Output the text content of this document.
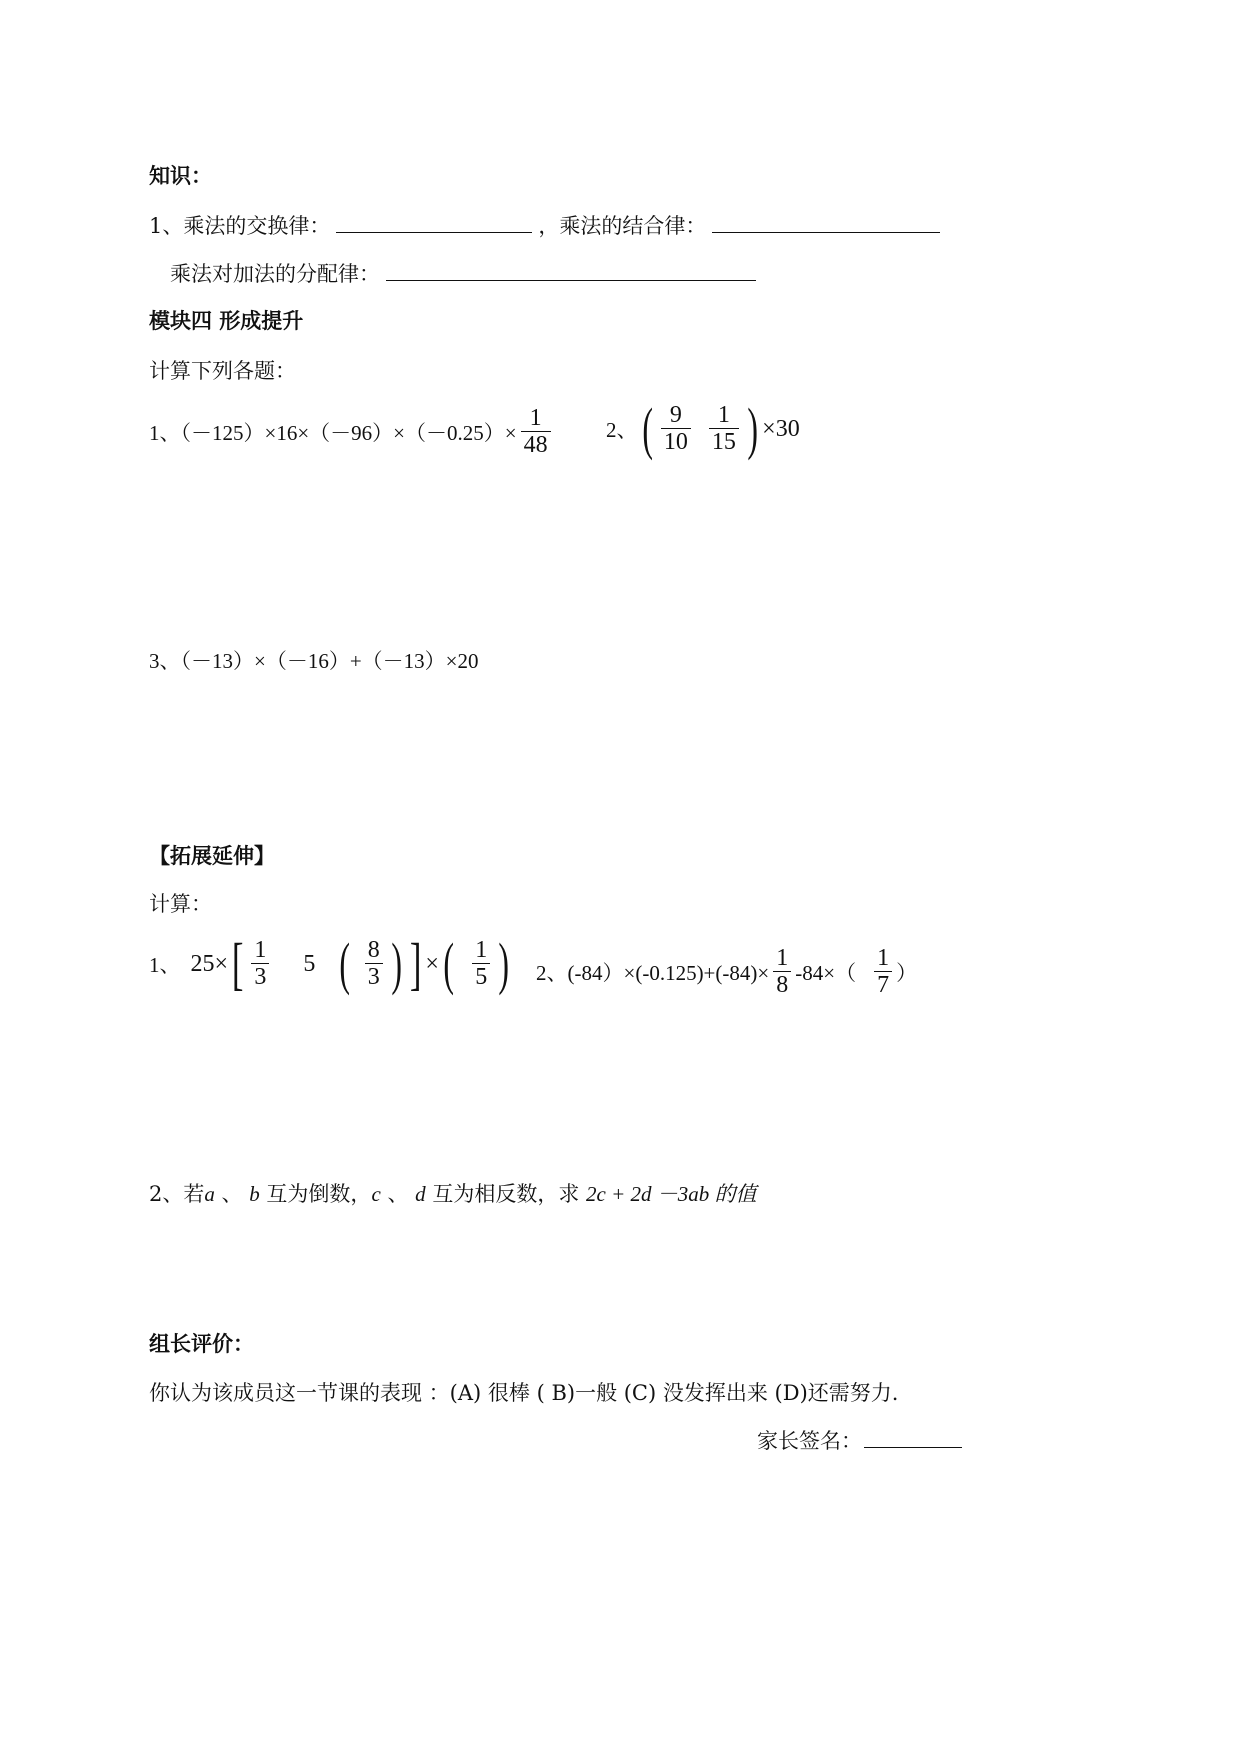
知识：
1、乘法的交换律：	，乘法的结合律：
乘法对加法的分配律：
模块四 形成提升
计算下列各题：
1、$(-125)\times 16\times(-96)\times(-0.25)\times \frac{1}{48}$	2、 ( $\frac{9}{10} \frac{1}{15}$ ) ×30
3、（－13）×（－16）+（－13）×20
【拓展延伸】
计算：
1、 25× [ $\frac{1}{3} 5$ ( $\frac{8}{3}$ ) ] × ( $\frac{1}{5}$ ) 2、$(-84)\times(-0.125)+(-84)\times \frac{1}{8} -84\times( \frac{1}{7}$ ）
2、若a 、 b 互为倒数，c 、 d 互为相反数，求 2c + 2d －3ab 的值
组长评价：
你认为该成员这一节课的表现 ：(A) 很棒 ( B)一般 (C) 没发挥出来 (D)还需努力.
家长签名：
